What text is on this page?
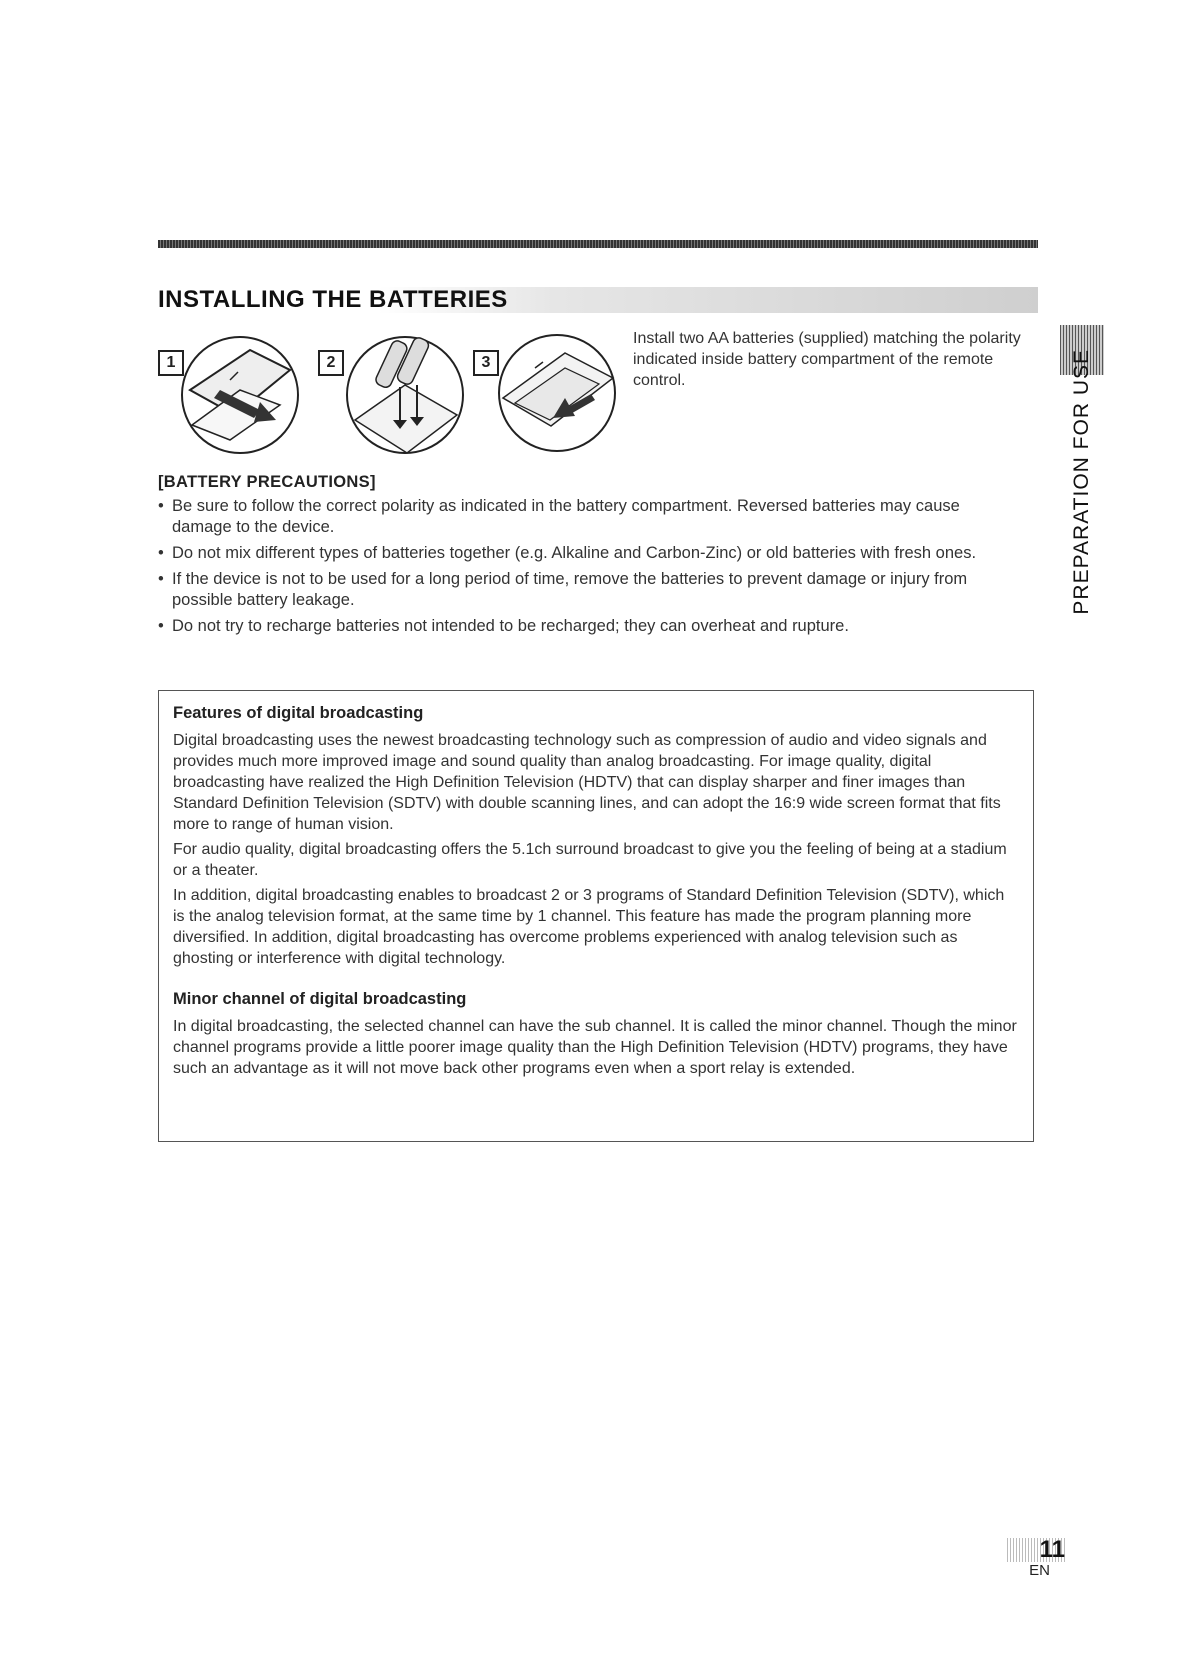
INSTALLING THE BATTERIES
1	2	3
Install two AA batteries (supplied) matching the polarity indicated inside battery compartment of the remote control.
[BATTERY PRECAUTIONS]
• Be sure to follow the correct polarity as indicated in the battery compartment. Reversed batteries may cause damage to the device.
• Do not mix different types of batteries together (e.g. Alkaline and Carbon-Zinc) or old batteries with fresh ones.
• If the device is not to be used for a long period of time, remove the batteries to prevent damage or injury from possible battery leakage.
• Do not try to recharge batteries not intended to be recharged; they can overheat and rupture.
PREPARATION FOR USE
Features of digital broadcasting

Digital broadcasting uses the newest broadcasting technology such as compression of audio and video signals and provides much more improved image and sound quality than analog broadcasting. For image quality, digital broadcasting have realized the High Definition Television (HDTV) that can display sharper and finer images than Standard Definition Television (SDTV) with double scanning lines, and can adopt the 16:9 wide screen format that fits more to range of human vision.

For audio quality, digital broadcasting offers the 5.1ch surround broadcast to give you the feeling of being at a stadium or a theater.

In addition, digital broadcasting enables to broadcast 2 or 3 programs of Standard Definition Television (SDTV), which is the analog television format, at the same time by 1 channel. This feature has made the program planning more diversified. In addition, digital broadcasting has overcome problems experienced with analog television such as ghosting or interference with digital technology.

Minor channel of digital broadcasting

In digital broadcasting, the selected channel can have the sub channel. It is called the minor channel. Though the minor channel programs provide a little poorer image quality than the High Definition Television (HDTV) programs, they have such an advantage as it will not move back other programs even when a sport relay is extended.

11
EN
